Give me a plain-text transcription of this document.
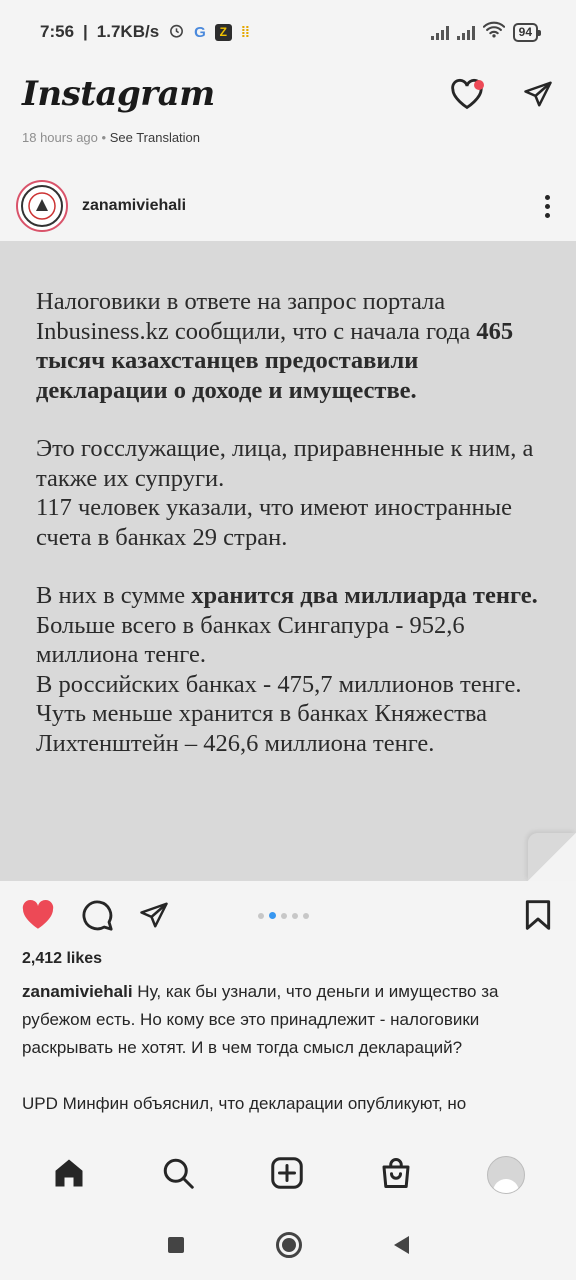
7:56 | 1.7KB/s G	Z ⁞⁞	94
Instagram
18 hours ago • See Translation
zanamiviehali

Налоговики в ответе на запрос портала Inbusiness.kz сообщили, что с начала года 465 тысяч казахстанцев предоставили декларации о доходе и имуществе.

Это госслужащие, лица, приравненные к ним, а также их супруги.
117 человек указали, что имеют иностранные счета в банках 29 стран.

В них в сумме хранится два миллиарда тенге.
Больше всего в банках Сингапура - 952,6 миллиона тенге.
В российских банках - 475,7 миллионов тенге.
Чуть меньше хранится в банках Княжества Лихтенштейн – 426,6 миллиона тенге.

2,412 likes

zanamiviehali Ну, как бы узнали, что деньги и имущество за рубежом есть. Но кому все это принадлежит - налоговики раскрывать не хотят. И в чем тогда смысл деклараций?

UPD Минфин объяснил, что декларации опубликуют, но
